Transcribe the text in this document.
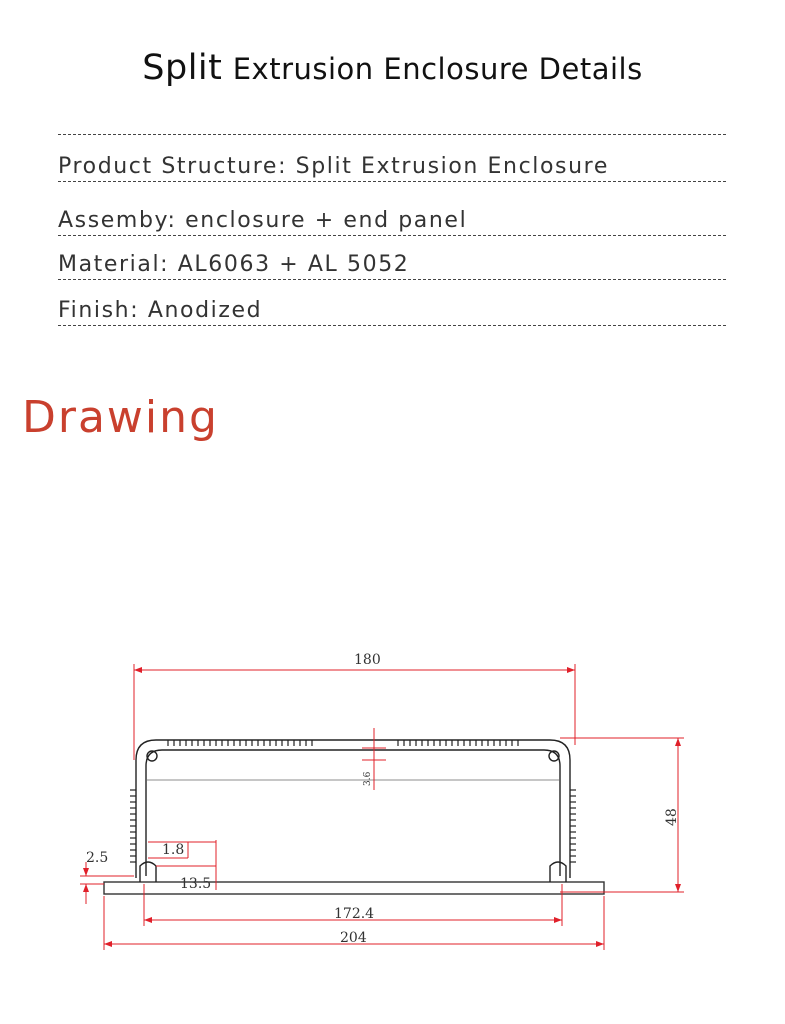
Split Extrusion Enclosure Details
Product Structure: Split Extrusion Enclosure
Assemby: enclosure + end panel
Material: AL6063 + AL 5052
Finish: Anodized
Drawing
180
48
172.4
204
2.5	1.8
13.5
3.6
